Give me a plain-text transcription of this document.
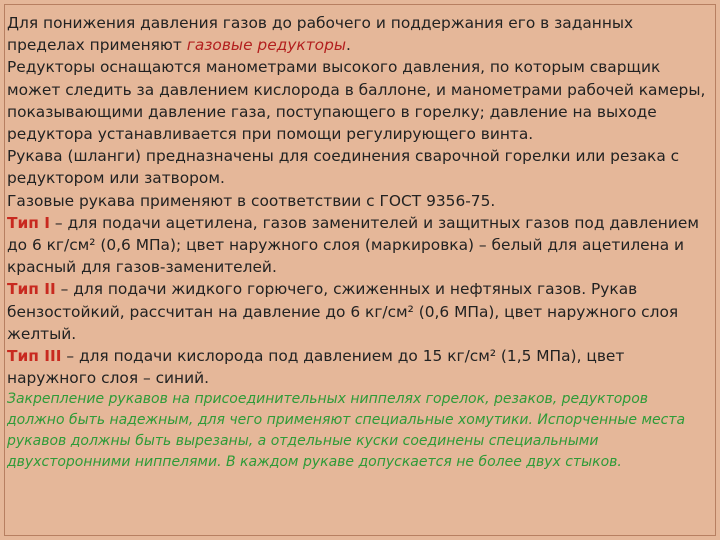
Для понижения давления газов до рабочего и поддержания его в заданных пределах применяют газовые редукторы.

Редукторы оснащаются манометрами высокого давления, по которым сварщик может следить за давлением кислорода в баллоне, и манометрами рабочей камеры, показывающими давление газа, поступающего в горелку; давление на выходе редуктора устанавливается при помощи регулирующего винта.

Рукава (шланги) предназначены для соединения сварочной горелки или резака с редуктором или затвором.

Газовые рукава применяют в соответствии с ГОСТ 9356-75.

Тип I – для подачи ацетилена, газов заменителей и защитных газов под давлением до 6 кг/см² (0,6 МПа); цвет наружного слоя (маркировка) – белый для ацетилена и красный для газов-заменителей.

Тип II – для подачи жидкого горючего, сжиженных и нефтяных газов. Рукав бензостойкий, рассчитан на давление до 6 кг/см² (0,6 МПа), цвет наружного слоя желтый.

Тип III – для подачи кислорода под давлением до 15 кг/см² (1,5 МПа), цвет наружного слоя – синий.

Закрепление рукавов на присоединительных ниппелях горелок, резаков, редукторов должно быть надежным, для чего применяют специальные хомутики. Испорченные места рукавов должны быть вырезаны, а отдельные куски соединены специальными двухсторонними ниппелями. В каждом рукаве допускается не более двух стыков.
